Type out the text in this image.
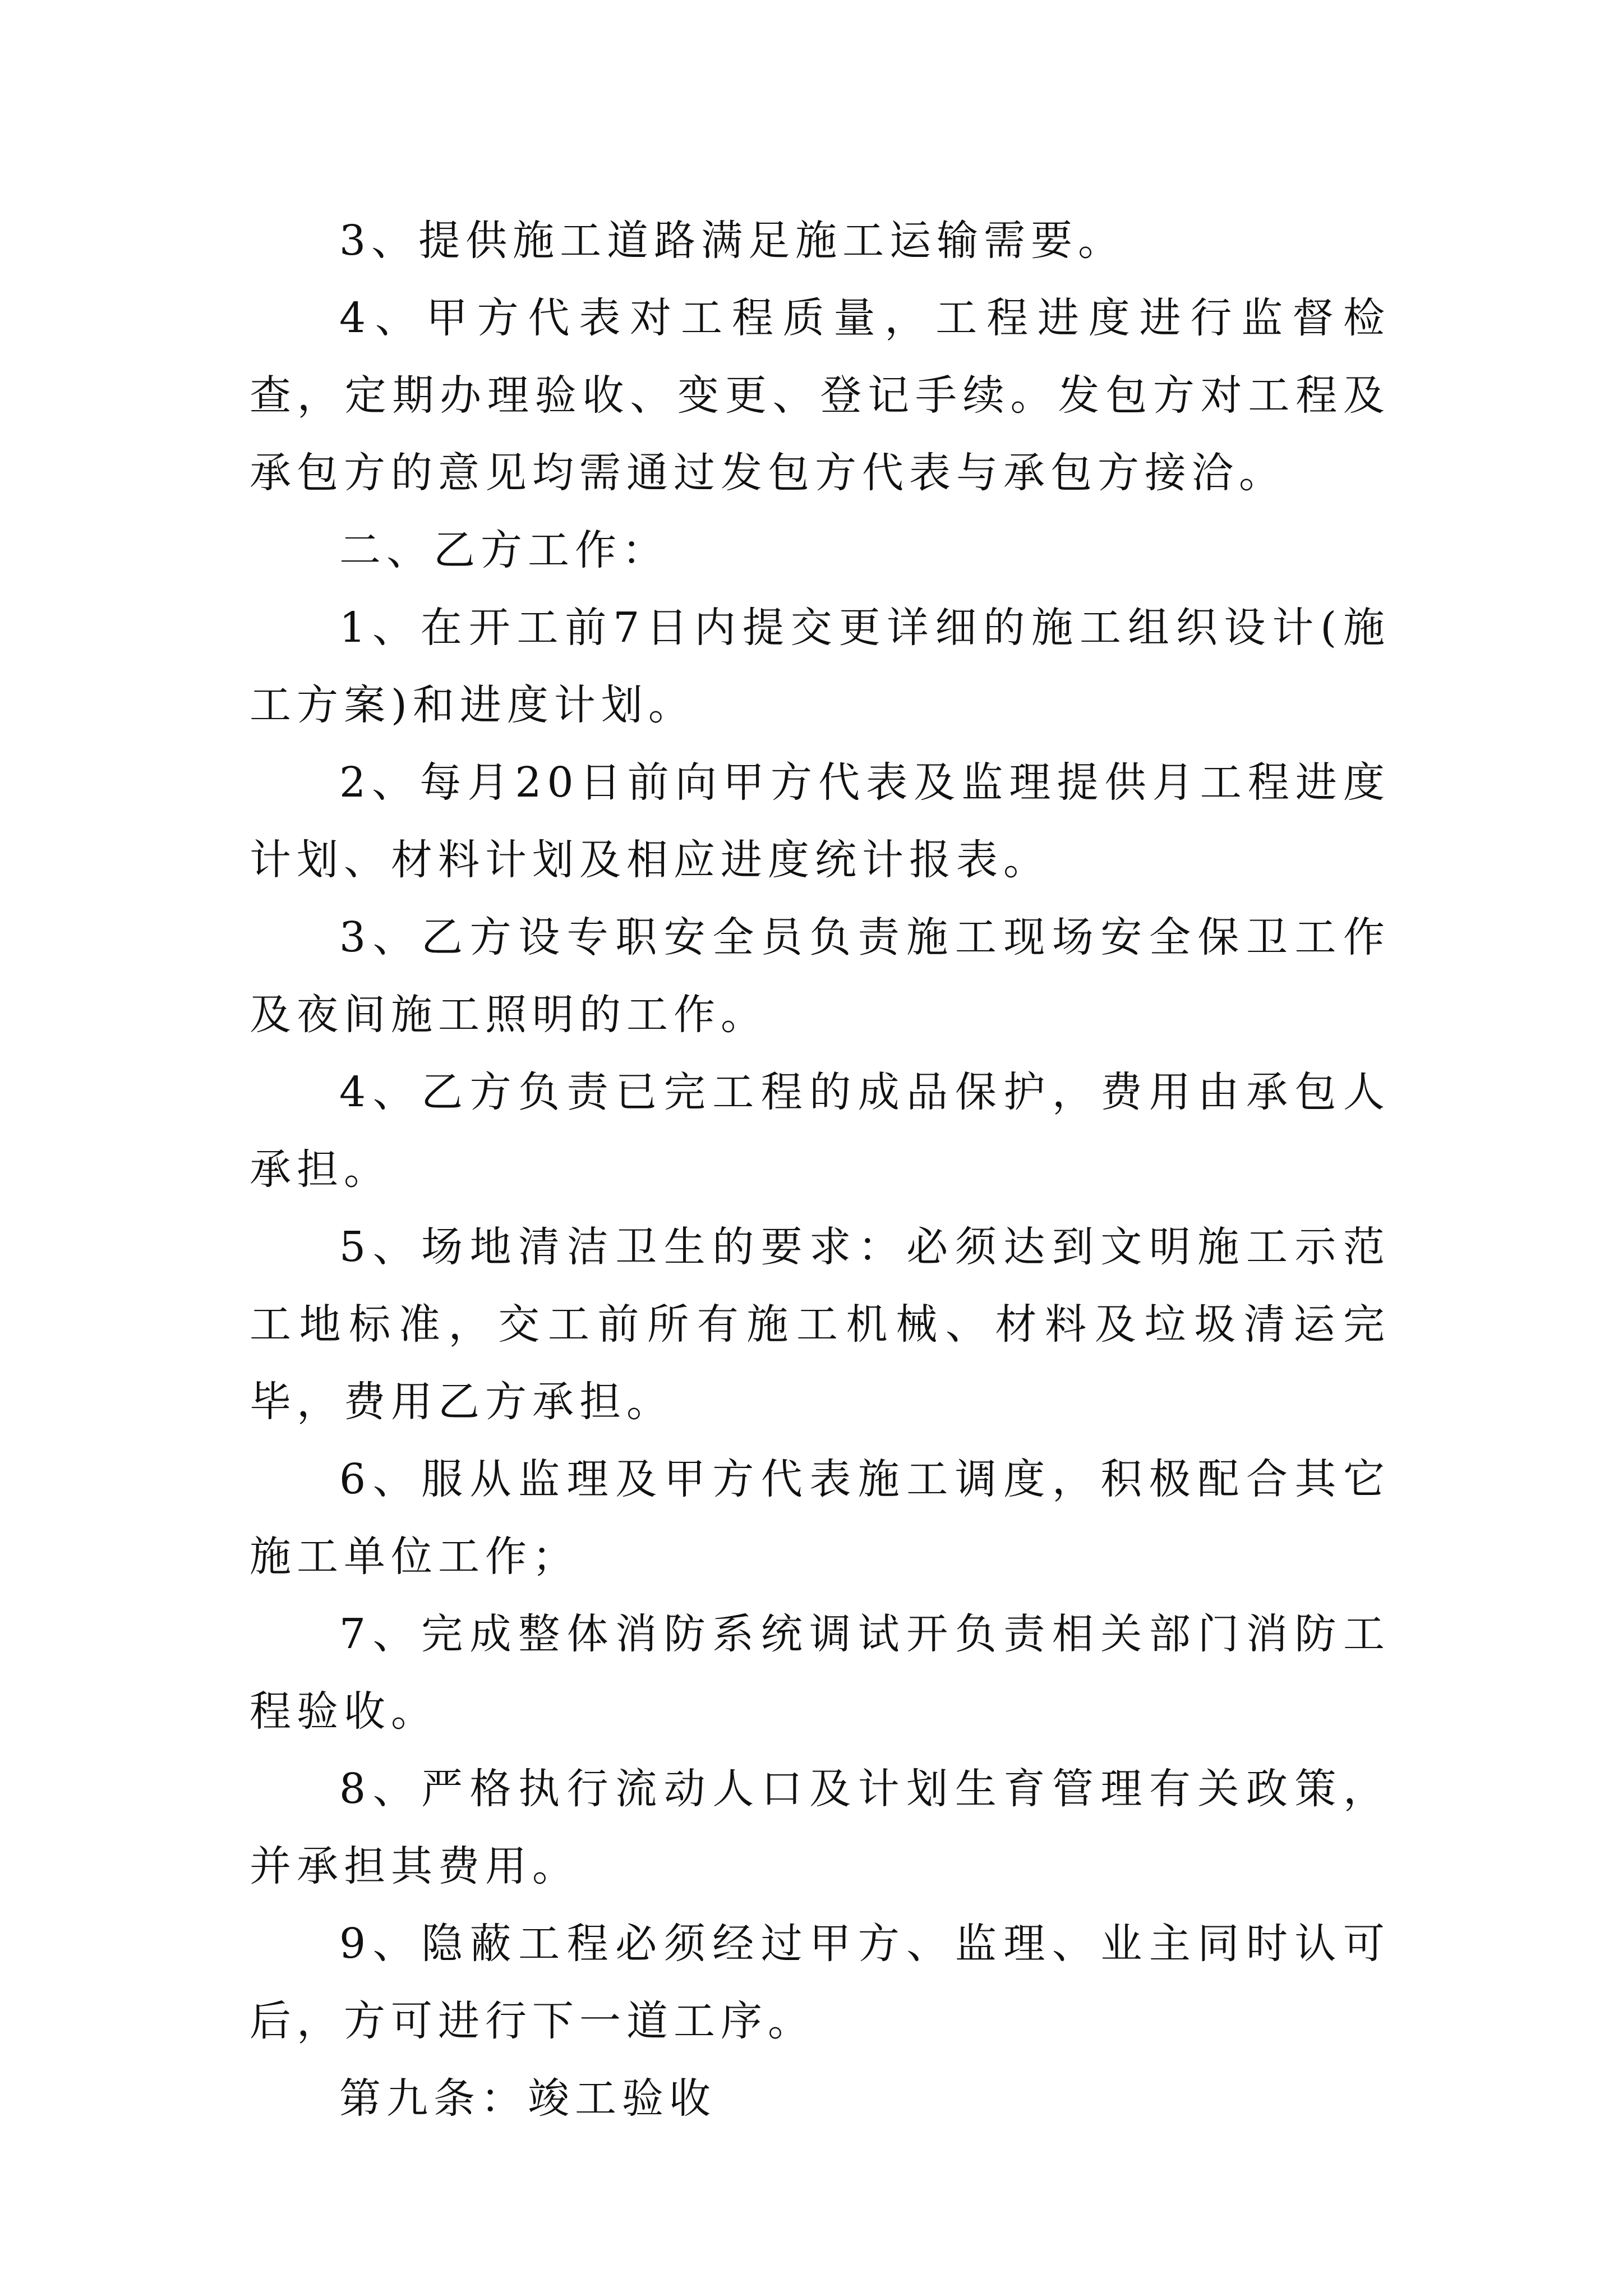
3、提供施工道路满足施工运输需要。

4、甲方代表对工程质量，工程进度进行监督检查，定期办理验收、变更、登记手续。发包方对工程及承包方的意见均需通过发包方代表与承包方接洽。

二、乙方工作：

1、在开工前7日内提交更详细的施工组织设计(施工方案)和进度计划。

2、每月20日前向甲方代表及监理提供月工程进度计划、材料计划及相应进度统计报表。

3、乙方设专职安全员负责施工现场安全保卫工作及夜间施工照明的工作。

4、乙方负责已完工程的成品保护，费用由承包人承担。

5、场地清洁卫生的要求：必须达到文明施工示范工地标准，交工前所有施工机械、材料及垃圾清运完毕，费用乙方承担。

6、服从监理及甲方代表施工调度，积极配合其它施工单位工作；

7、完成整体消防系统调试开负责相关部门消防工程验收。

8、严格执行流动人口及计划生育管理有关政策，并承担其费用。

9、隐蔽工程必须经过甲方、监理、业主同时认可后，方可进行下一道工序。

第九条：竣工验收
